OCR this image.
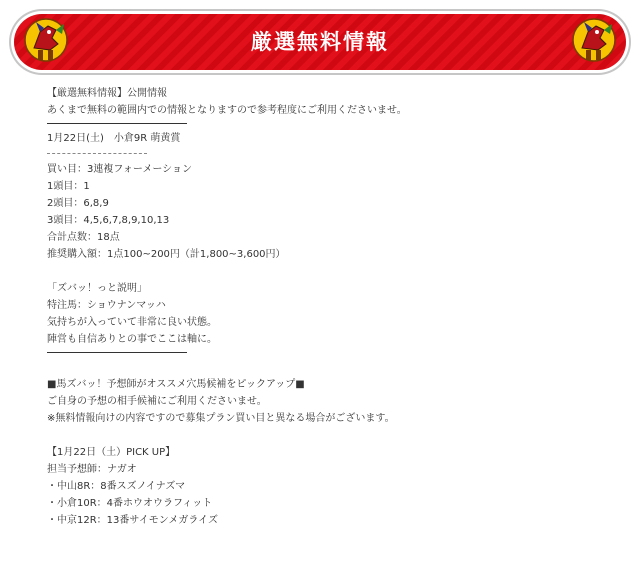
厳選無料情報
【厳選無料情報】公開情報
あくまで無料の範囲内での情報となりますので参考程度にご利用くださいませ。
1月22日(土)　小倉9R 萌黄賞
買い目：3連複フォーメーション
1頭目：1
2頭目：6,8,9
3頭目：4,5,6,7,8,9,10,13
合計点数：18点
推奨購入額：1点100~200円（計1,800~3,600円）
「ズバッ！っと説明」
特注馬：ショウナンマッハ
気持ちが入っていて非常に良い状態。
陣営も自信ありとの事でここは軸に。
■馬ズバッ！予想師がオススメ穴馬候補をピックアップ■
ご自身の予想の相手候補にご利用くださいませ。
※無料情報向けの内容ですので募集プラン買い目と異なる場合がございます。
【1月22日（土）PICK UP】
担当予想師：ナガオ
・中山8R：8番スズノイナズマ
・小倉10R：4番ホウオウラフィット
・中京12R：13番サイモンメガライズ
